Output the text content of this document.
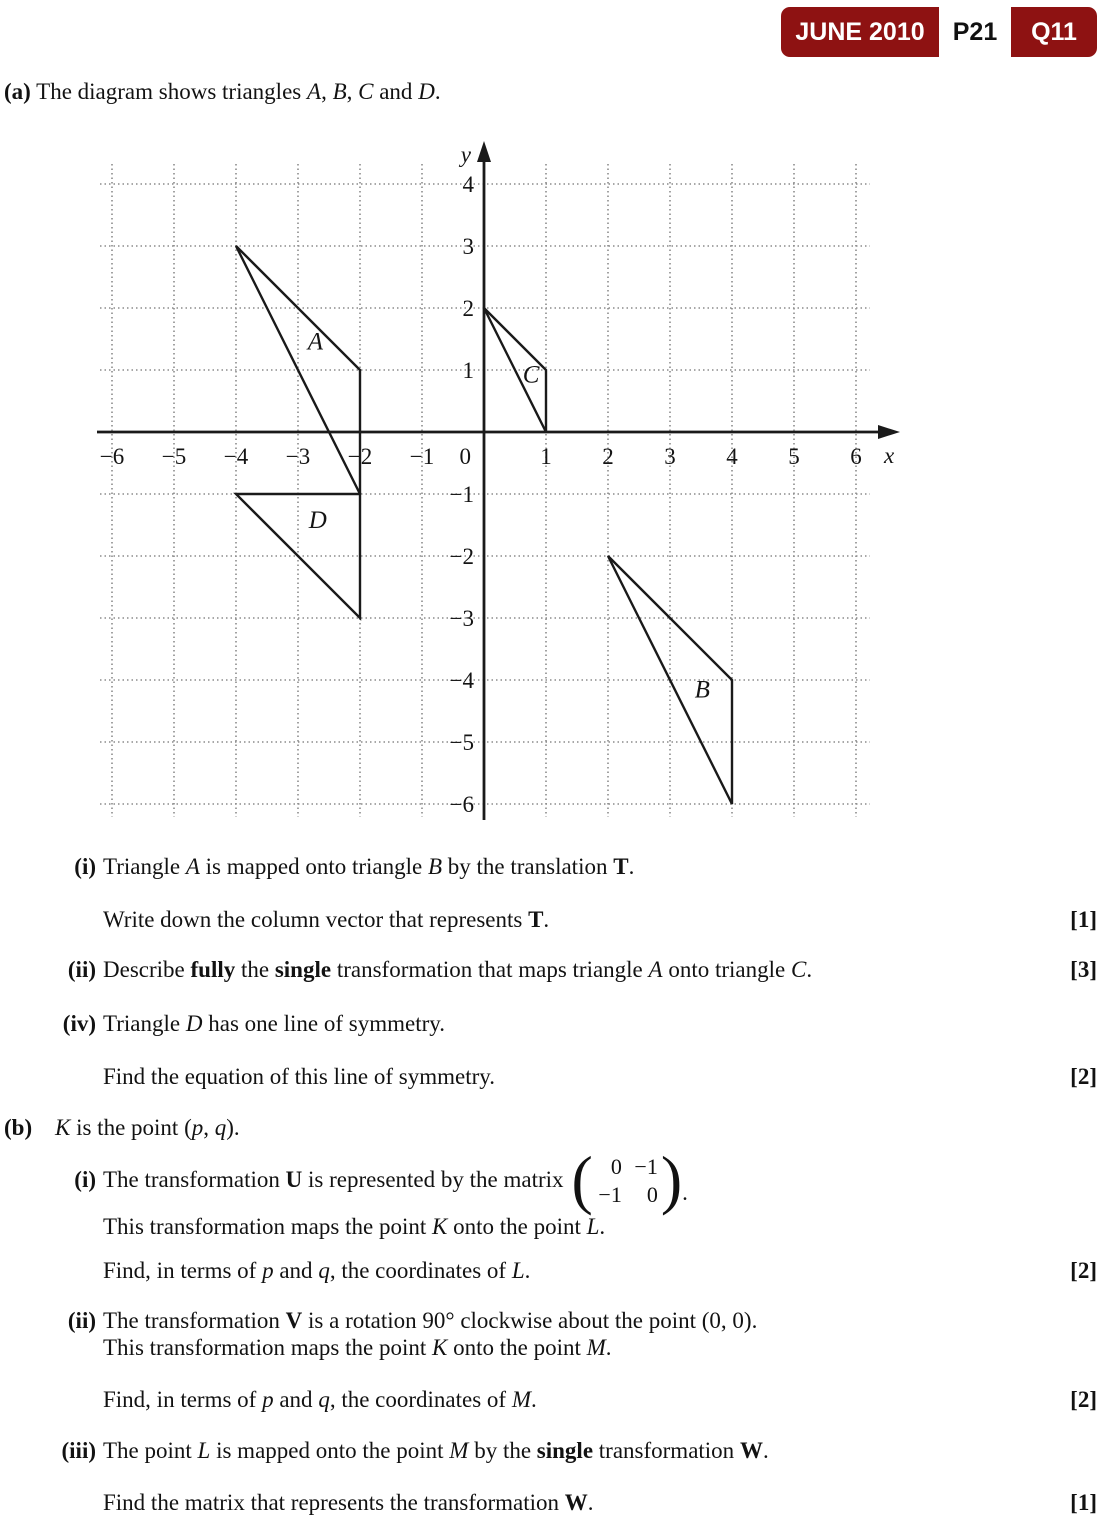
JUNE 2010	P21	Q11
(a) The diagram shows triangles A, B, C and D.
−6 −5 −4 −3 −2 −1	1 2 3 4 5 6
4
3
2
1
−1
−2
−3
−4
−5
−6
0	x
y
A
B
C
D
(i) Triangle A is mapped onto triangle B by the translation T.
Write down the column vector that represents T.	[1]
(ii) Describe fully the single transformation that maps triangle A onto triangle C.	[3]
(iv) Triangle D has one line of symmetry.
Find the equation of this line of symmetry.	[2]
(b) K is the point (p, q).
(i) The transformation U is represented by the matrix ( 0 −1
−1	0 ) .
This transformation maps the point K onto the point L.
Find, in terms of p and q, the coordinates of L.	[2]
(ii) The transformation V is a rotation 90° clockwise about the point (0, 0).
This transformation maps the point K onto the point M.
Find, in terms of p and q, the coordinates of M.	[2]
(iii) The point L is mapped onto the point M by the single transformation W.
Find the matrix that represents the transformation W.	[1]
